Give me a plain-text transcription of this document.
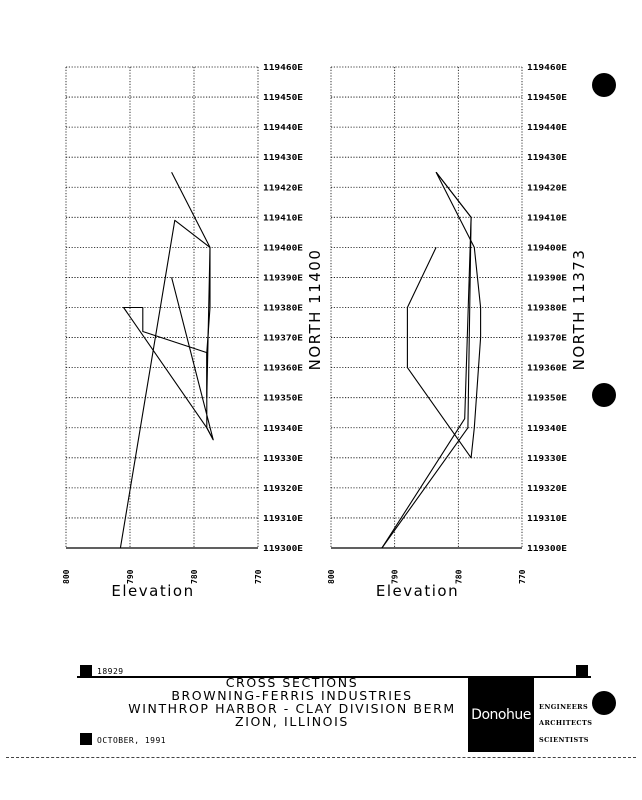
119300E
119310E
119320E
119330E
119340E
119350E
119360E
119370E
119380E
119390E
119400E
119410E
119420E
119430E
119440E
119450E
119460E
800	790	780	770
Elevation
NORTH 11400
119300E
119310E
119320E
119330E
119340E
119350E
119360E
119370E
119380E
119390E
119400E
119410E
119420E
119430E
119440E
119450E
119460E
800	790	780	770
Elevation
NORTH 11373
18929
CROSS SECTIONS
BROWNING-FERRIS INDUSTRIES
WINTHROP HARBOR - CLAY DIVISION BERM
ZION, ILLINOIS
OCTOBER, 1991
Donohue	ENGINEERS
ARCHITECTS
SCIENTISTS
